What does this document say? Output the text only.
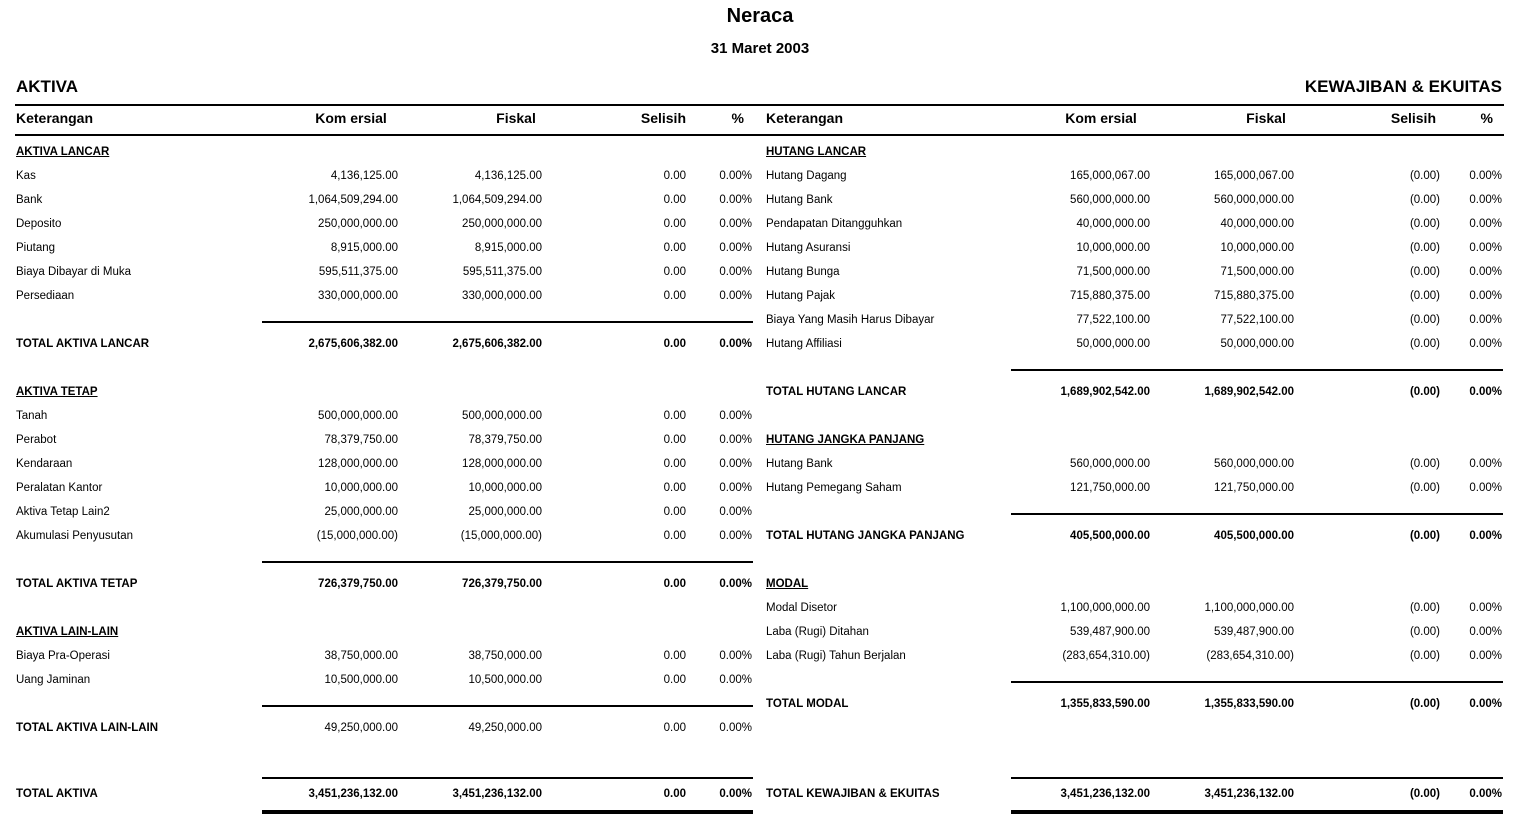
Neraca
31 Maret 2003
AKTIVA	KEWAJIBAN & EKUITAS
Keterangan	Kom ersial	Fiskal	Selisih	%
AKTIVA LANCAR
Kas	4,136,125.00	4,136,125.00	0.00	0.00%
Bank	1,064,509,294.00	1,064,509,294.00	0.00	0.00%
Deposito	250,000,000.00	250,000,000.00	0.00	0.00%
Piutang	8,915,000.00	8,915,000.00	0.00	0.00%
Biaya Dibayar di Muka	595,511,375.00	595,511,375.00	0.00	0.00%
Persediaan	330,000,000.00	330,000,000.00	0.00	0.00%
TOTAL AKTIVA LANCAR	2,675,606,382.00	2,675,606,382.00	0.00	0.00%
AKTIVA TETAP
Tanah	500,000,000.00	500,000,000.00	0.00	0.00%
Perabot	78,379,750.00	78,379,750.00	0.00	0.00%
Kendaraan	128,000,000.00	128,000,000.00	0.00	0.00%
Peralatan Kantor	10,000,000.00	10,000,000.00	0.00	0.00%
Aktiva Tetap Lain2	25,000,000.00	25,000,000.00	0.00	0.00%
Akumulasi Penyusutan	(15,000,000.00)	(15,000,000.00)	0.00	0.00%
TOTAL AKTIVA TETAP	726,379,750.00	726,379,750.00	0.00	0.00%
AKTIVA LAIN-LAIN
Biaya Pra-Operasi	38,750,000.00	38,750,000.00	0.00	0.00%
Uang Jaminan	10,500,000.00	10,500,000.00	0.00	0.00%
TOTAL AKTIVA LAIN-LAIN	49,250,000.00	49,250,000.00	0.00	0.00%
TOTAL AKTIVA	3,451,236,132.00	3,451,236,132.00	0.00	0.00%
Keterangan	Kom ersial	Fiskal	Selisih	%
HUTANG LANCAR
Hutang Dagang	165,000,067.00	165,000,067.00	(0.00)	0.00%
Hutang Bank	560,000,000.00	560,000,000.00	(0.00)	0.00%
Pendapatan Ditangguhkan	40,000,000.00	40,000,000.00	(0.00)	0.00%
Hutang Asuransi	10,000,000.00	10,000,000.00	(0.00)	0.00%
Hutang Bunga	71,500,000.00	71,500,000.00	(0.00)	0.00%
Hutang Pajak	715,880,375.00	715,880,375.00	(0.00)	0.00%
Biaya Yang Masih Harus Dibayar	77,522,100.00	77,522,100.00	(0.00)	0.00%
Hutang Affiliasi	50,000,000.00	50,000,000.00	(0.00)	0.00%
TOTAL HUTANG LANCAR	1,689,902,542.00	1,689,902,542.00	(0.00)	0.00%
HUTANG JANGKA PANJANG
Hutang Bank	560,000,000.00	560,000,000.00	(0.00)	0.00%
Hutang Pemegang Saham	121,750,000.00	121,750,000.00	(0.00)	0.00%
TOTAL HUTANG JANGKA PANJANG	405,500,000.00	405,500,000.00	(0.00)	0.00%
MODAL
Modal Disetor	1,100,000,000.00	1,100,000,000.00	(0.00)	0.00%
Laba (Rugi) Ditahan	539,487,900.00	539,487,900.00	(0.00)	0.00%
Laba (Rugi) Tahun Berjalan	(283,654,310.00)	(283,654,310.00)	(0.00)	0.00%
TOTAL MODAL	1,355,833,590.00	1,355,833,590.00	(0.00)	0.00%
TOTAL KEWAJIBAN & EKUITAS	3,451,236,132.00	3,451,236,132.00	(0.00)	0.00%
